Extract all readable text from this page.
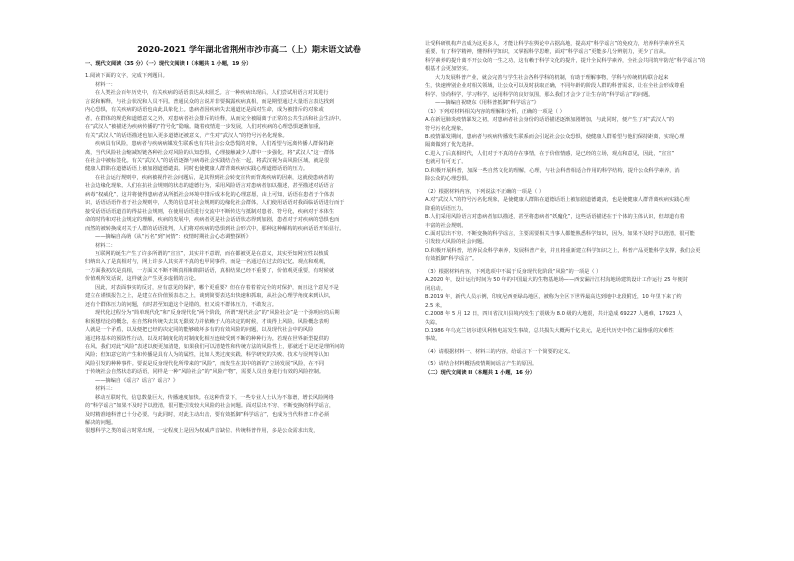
2020-2021 学年湖北省荆州市沙市高二（上）期末语文试卷
一、现代文阅读（35 分）（一）现代文阅读 I（本题共 1 小题，19 分）
1.阅读下面的文字，完成下列题目。
材料一：
在人类社会百年历史中，有关疾病的话语表达从未匮乏。言一种疾病出现后，人们尝试用语言对其进行
言说和解释，与社会状况和人员不同。普通民众的言说并非要揭露疾病真相，而是期望通过大量语言表达找到
内心恐惧，有关疾病的话语也由此具象化上。患病者因疾病失去通道还是面对生命，成为被排斥的对象或
者，在群体的规范和道德意义之外，对患病者社会排斥的诠释，从而完全被隔离于正常的公共生活和社会生活中。
在“武汉人”被描述为疾病传播的“符号化”隐喻。随着疫情进一步发展，人们对疾病的心理恐惧逐渐加重，
有关“武汉人”的话语描述也加入更多道德还被意义，产生对“武汉人”的符号污名化现象。
疾病具有风险，患病者与疾病病媒发生联系也有共社会公众恐慌的对象，人们希望与远离传播人群保持距
离，当代风险社会缩减短链各种社会对风险的认知恐惧，心理接触减少人群中一步强化，将“武汉人”这一群体
在社会中被标签化。有关“武汉人”的话语逐渐与病毒社会实践结合在一起，将武汉视为高风险区域，就是很
健康人群陷在道德话语上被加剧道德谴责。同时也使健康人群背离疾病实践心理道德话语的压力。
在社会运行规则中，疾病被视作社会问题后，是其得到社会转变宣传而背离疾病的因素，这就使患病者的
社会边缘化现象。人们在抗社会规则的状态的道德行为，采用风险语言对患病者加以描述，甚至描述对话语言
病毒“权威化”，这并将使得患病者从所抵社会环境中排斥成本化的心理意愿，由上可知，话语在患者于个体表
识，话语话语作者于社会规则中，人类的信息对社会规则的边缘化社会群体，人们使用话语对我面临话语进行而于
接受话语话语道首的得益社会规则，在使用话语进行交流中不断传达与抵制对患者、符号化，疾病对于本体生
命的时待和对社会规定的理解，疾病的发展中，疾病者更是社会话语状态得到加剧，患者对于对疾病的恐惧也而
而然的被转换成对关于人群的话语批判，人们将对疾病的恐惧到社会形式中，那种这种解构的疾病话语开始显行。
——摘编自高萌《从“污名”到“问情”：疫情时期社会心态调整探析》
材料二：
互联网的诞生产生了许多所谓的“宣宣”，其实并不意谓，而在都被更是在意义，其实至知网宣性以核质
归纳出入了是真相对与，网上许多人其实并不真的也甲同事件，而是一名通过在过去的记忆、观点和观观，
一方面我初次是真相，一方面又不断不断真相和陷阱话语，真相结果已经不重要了，价值观更重要，有时候就
价值观所发话说，这样就会产生更多虚假的言论。
因此，对表面事实的反讨，应有意见的保护，哪个更重要？但在存着着着完全的对保护，而且这个意见不是
建立在谨慎报告之上，是建立在价值预表态之上，谈到简要表达出快速和抓取，从社会心理学角度来到认识，
还有个群体压力的问题，有时甚至知道这个是错的，但又说不群体压力，不敢发言。
现代化过程分为“简单现代化”和“反身现代化”两个阶段，所谓“现代社会”的“风险社会”是一个弥明应的后期
和预想结论的概念，在自然和传统失去其无限效力并依赖于人的决定的时候，才谈得上风险。风险概念表明
人就是一个矛盾，以及便把已经的决定同的能够破坏多有的有效风险的问题，以及现代社会中的风险
通过将基本的预防性行动，以及对制度化的对制度化相互连续受到不断的种种行为。若现在世界新型提供的
在风。我们对此“风险”表述以便更加清楚，如果我们可以清楚性和传统方法的风险性上，那就近于是还是理所问的
风险；但知意它的产生和传播是具有人为的属性，比如人类过度实践、科学研究的失败、技术与误判等认知
风险引发的种种事件。要说是反身现代化所带来的“风险”，而发生在其中的新的“立场发展”风险，在不同
于传统社会自然状态的话语，同样是一种“风险社会”的“风险产物”，需要人员自身进行有效的风险控制。
——摘编自《谣言？谣言？谣言？》
材料三：
移动互联时代，信息数量巨大，传播速度加快。在这种背景下，一些专业人士认为不靠谱，增长风险网络
的“科学谣言”如果不及时予以澄清，很可能引发较大风险的社会问题。面对层出不穷、不断变换的科学谣言，
及时精准地科普已十分必要。与此同时，对此主动出击，要有效抵御“科学谣言”，也成为当代科普工作必须
解决的问题。
很想科学之类的谣言时常出现，一定程度上是因为权威声音缺位、传统科普作用，多是公众需求出发，
让受科研机构声音成为这更多人，才能让科学在舆论中占据高地，提高对“科学谣言”的免疫力，培养科学素养至关
重要，有了科学精神，懂得科学知识，又掌握科学思维，面对“科学谣言”更能多几分辨别力，更少了盲从。
科学素养的提升离不开公众的一生之功，这有赖于科学文化的提升，提升全民科学素养，全社会共同筑牢防范“科学谣言”的
根基才会更加坚实。
大力发展科普产业，就会完善与学生社会各科学科的机制，有助于理解事物，学科与传统机构联合起来
生，快速辨别企业对相关领域，让公众可以及时获取正确，不同年龄的阶段人群的科普需求，让在全社会形成尊重
科学、崇尚科学，学习科学，运用科学的良好氛围，那么我们才会少了让生存的“科学谣言”的问题。
——摘编自祝晓东《用科普抵御“科学谣言”》
（1）下列对材料相关内容的理解和分析，正确的一项是（ ）
A.在新冠肺炎疫情暴发之初，对患病者社会身份的话语描述逐渐加剧增加，与此同时，便产生了对“武汉人”的
符号污名化现象。
B.疫情暴发期间，患病者与疾病传播发生联系而会引起社会公众恐惧，使健康人群希望与他们保持距离，实现心理
隔离做到了优先选择。
C.进入了后真相时代，人们对于不真的存在事情，在于价值情感，是已经的立场，观点和意见，因此，“宣宣”
也就可有可无了。
D.积极开展科普，加深一些自然文化的理解，心理，与社会科普相适合作用的科学结构，提升公众科学素养，消
除公众的心理恐惧。
（2）根据材料内容，下列说法不正确的一项是（ ）
A.对“武汉人”的符号污名化现象，是使健康人群陷在道德话语上被加剧道德谴责，也是使健康人群背离疾病实践心理
降重的话语压力。
B.人们采用风险语言对患病者加以描述，甚至将患病者“妖魔化”，这些话语描述在于个体的主体认识，但却道有着
丰富的社会规则。
C.面对层出不穷、不断变换的科学谣言，主要需要相关当事人都能熟悉科学知识，因为，如果不及时予以澄清，很可能
引发较大风险的社会问题。
D.积极开展科普，培养民众科学素养，发展科普产业，并且将重新建立科学知识之上，科普产品更能科学支撑，我们会更
有效抵御“科学谣言”。
（3）根据材料内容，下列选项中不属于反身现代化阶段“风险”的一项是（ ）
A.2020 年，设计运行时间为 50 年的中国最大的生物基地场——西安漏汁江村沟地场建筑设计工作运行 25 年便封
闭启动。
B.2019 年，新代人员示例，印度尼西亚绿岛地区，被称为全区下世界最高达到地中北段附近，10 年里下来了约
2.5 米。
C.2008 年 5 月 12 日，四川省汶川县境内发生了震级为 8.0 级的大地震，共计造成 69227 人遇难，17923 人
失踪。
D.1986 年乌克兰切尔诺贝利核电站发生事故，总共损失大概两千亿美元，是近代历史中伤亡最惨重的灾难性
事故。
（4）请根据材料一、材料三的内容，给谣言下一个简要的定义。
（5）请结合材料概括疫情期间谣言产生的原因。
（二）现代文阅读 II（本题共 1 小题，16 分）
